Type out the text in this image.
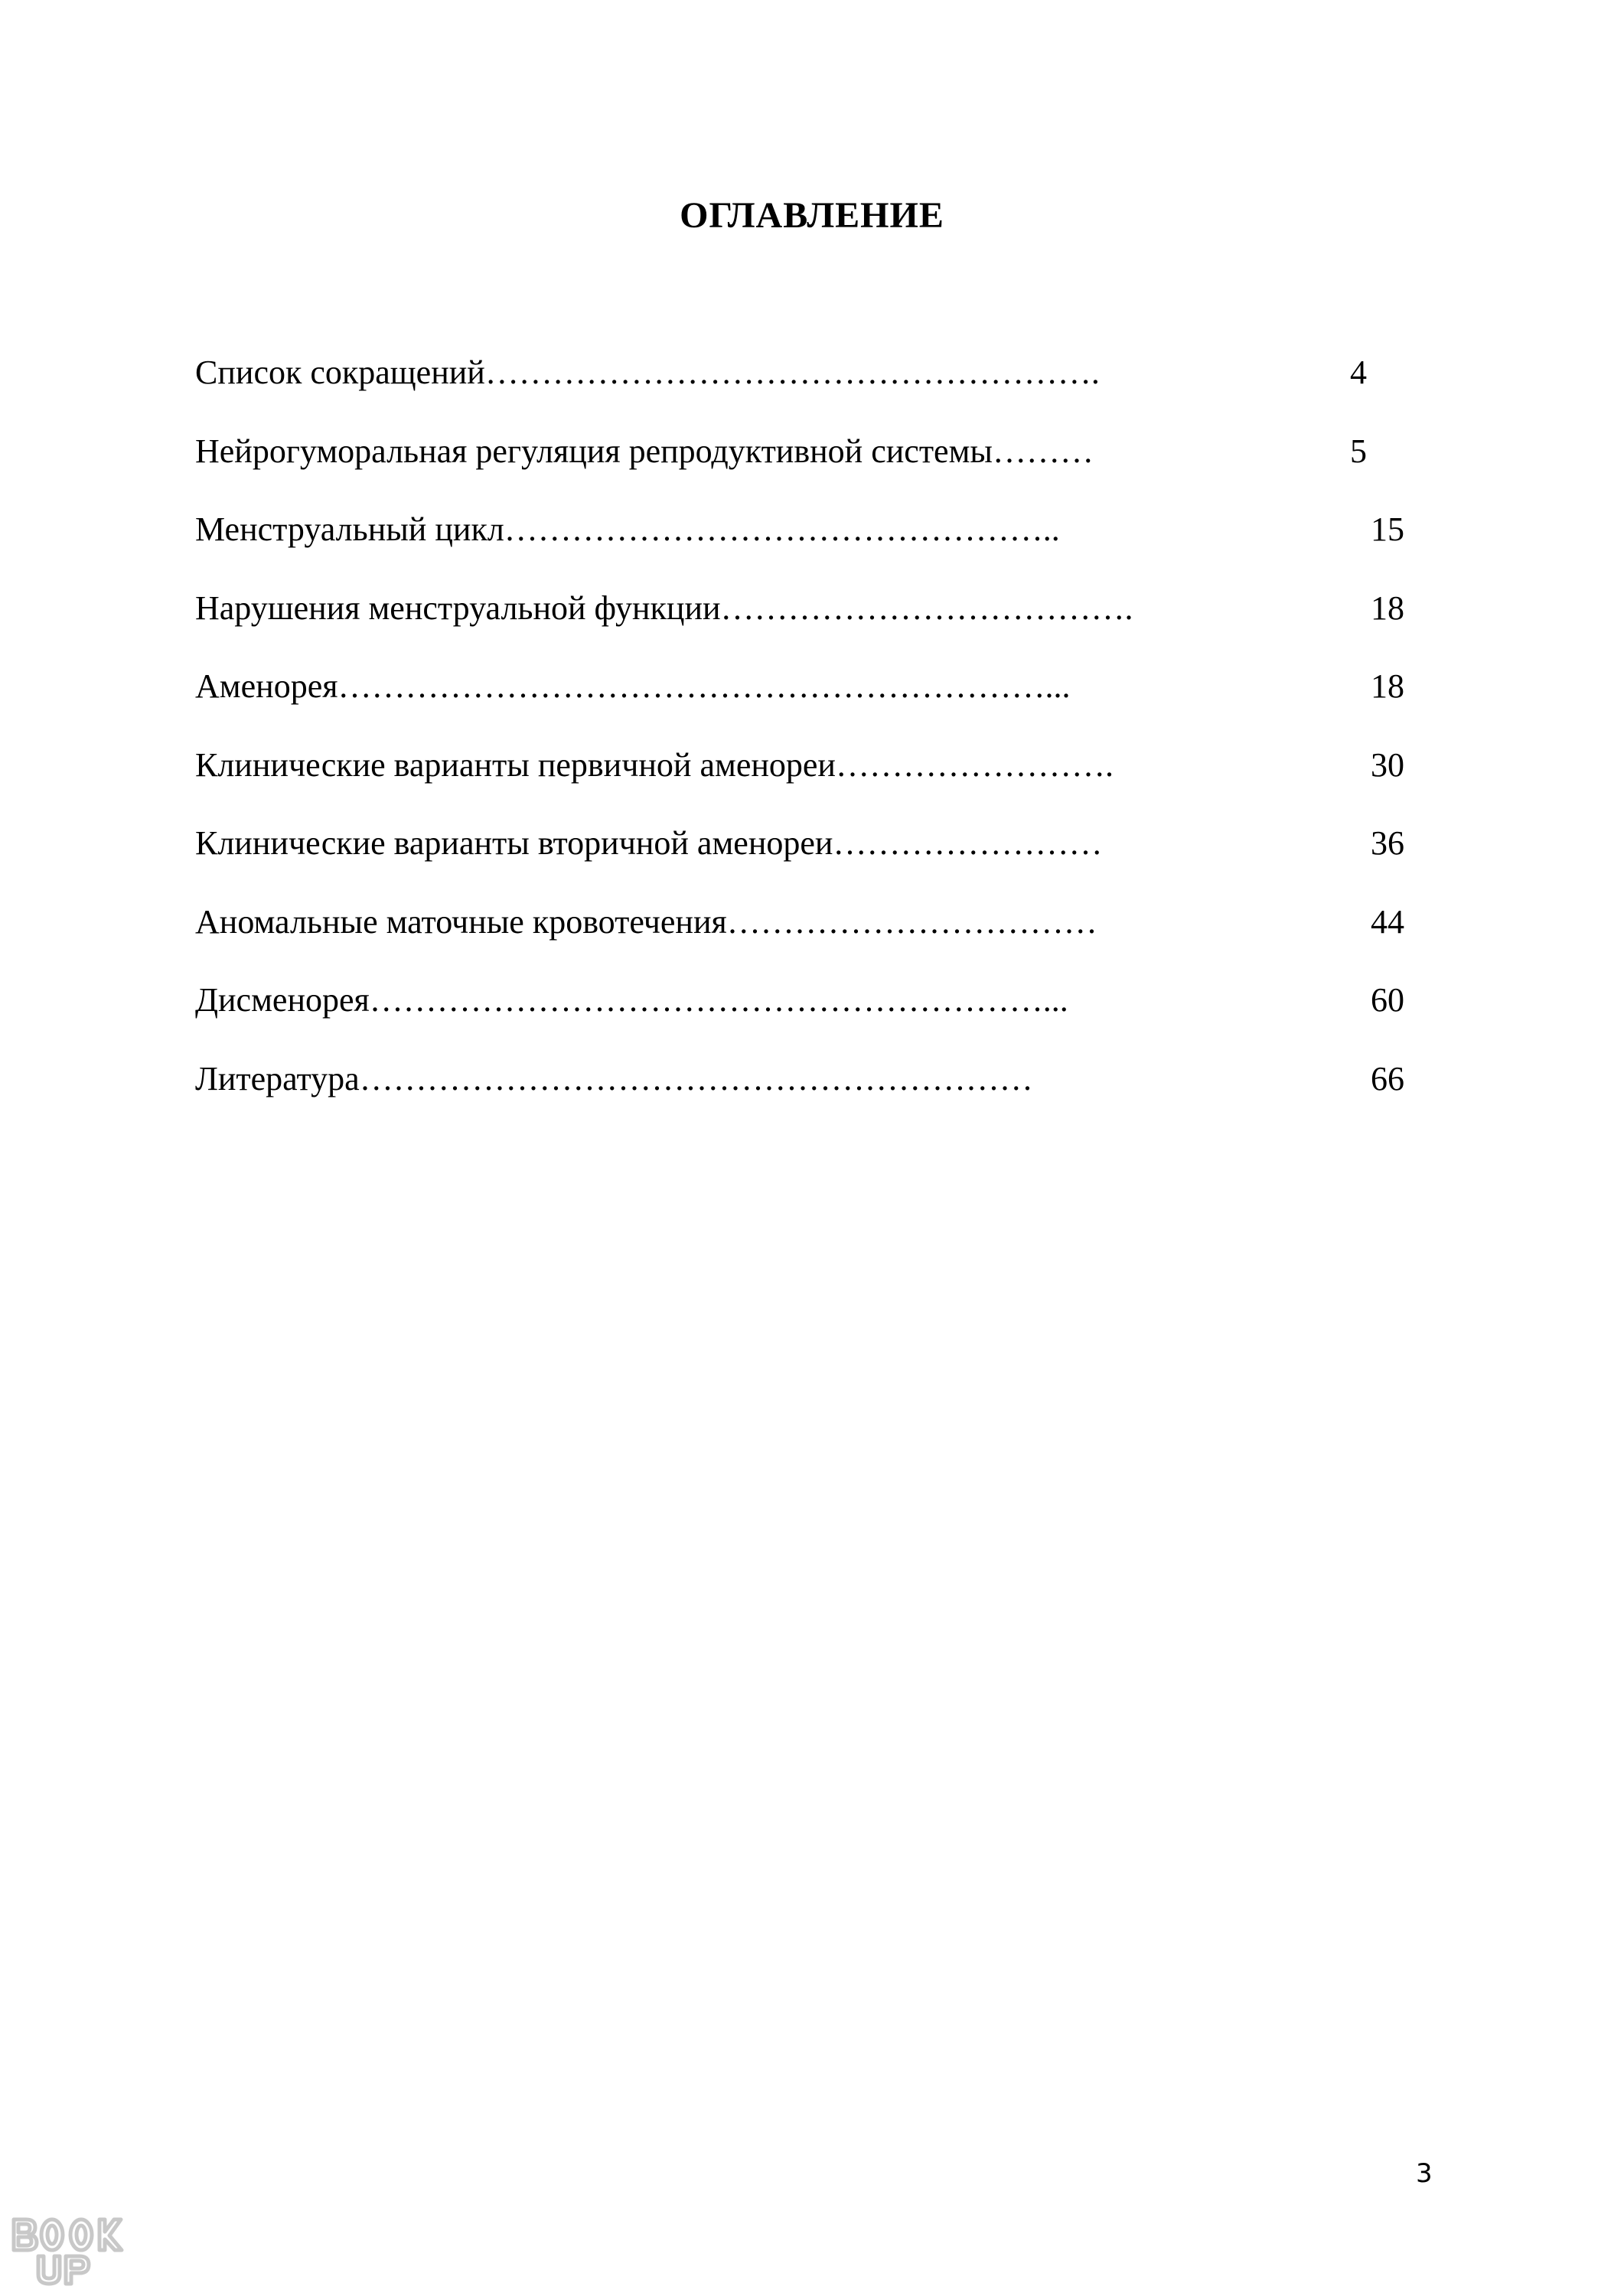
ОГЛАВЛЕНИЕ
Список сокращений……………………………………………….	4
Нейрогуморальная регуляция репродуктивной системы………	5
Менструальный цикл…………………………………………..	15
Нарушения менструальной функции……………………………….	18
Аменорея………………………………………………………...	18
Клинические варианты первичной аменореи…………………….	30
Клинические варианты вторичной аменореи……………………	36
Аномальные маточные кровотечения……………………………	44
Дисменорея……………………………………………………...	60
Литература……………………………………………………	66
3
